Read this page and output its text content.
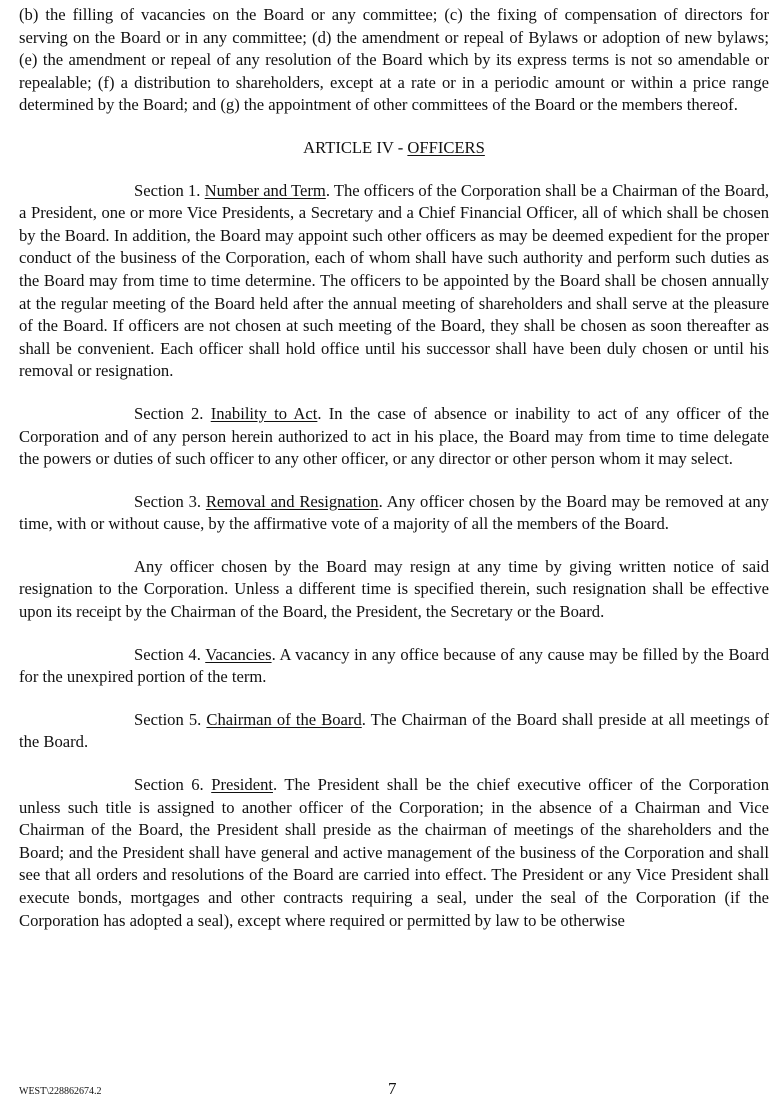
(b) the filling of vacancies on the Board or any committee; (c) the fixing of compensation of directors for serving on the Board or in any committee; (d) the amendment or repeal of Bylaws or adoption of new bylaws; (e) the amendment or repeal of any resolution of the Board which by its express terms is not so amendable or repealable; (f) a distribution to shareholders, except at a rate or in a periodic amount or within a price range determined by the Board; and (g) the appointment of other committees of the Board or the members thereof.

ARTICLE IV - OFFICERS

Section 1. Number and Term. The officers of the Corporation shall be a Chairman of the Board, a President, one or more Vice Presidents, a Secretary and a Chief Financial Officer, all of which shall be chosen by the Board. In addition, the Board may appoint such other officers as may be deemed expedient for the proper conduct of the business of the Corporation, each of whom shall have such authority and perform such duties as the Board may from time to time determine. The officers to be appointed by the Board shall be chosen annually at the regular meeting of the Board held after the annual meeting of shareholders and shall serve at the pleasure of the Board. If officers are not chosen at such meeting of the Board, they shall be chosen as soon thereafter as shall be convenient. Each officer shall hold office until his successor shall have been duly chosen or until his removal or resignation.

Section 2. Inability to Act. In the case of absence or inability to act of any officer of the Corporation and of any person herein authorized to act in his place, the Board may from time to time delegate the powers or duties of such officer to any other officer, or any director or other person whom it may select.

Section 3. Removal and Resignation. Any officer chosen by the Board may be removed at any time, with or without cause, by the affirmative vote of a majority of all the members of the Board.

Any officer chosen by the Board may resign at any time by giving written notice of said resignation to the Corporation. Unless a different time is specified therein, such resignation shall be effective upon its receipt by the Chairman of the Board, the President, the Secretary or the Board.

Section 4. Vacancies. A vacancy in any office because of any cause may be filled by the Board for the unexpired portion of the term.

Section 5. Chairman of the Board. The Chairman of the Board shall preside at all meetings of the Board.

Section 6. President. The President shall be the chief executive officer of the Corporation unless such title is assigned to another officer of the Corporation; in the absence of a Chairman and Vice Chairman of the Board, the President shall preside as the chairman of meetings of the shareholders and the Board; and the President shall have general and active management of the business of the Corporation and shall see that all orders and resolutions of the Board are carried into effect. The President or any Vice President shall execute bonds, mortgages and other contracts requiring a seal, under the seal of the Corporation (if the Corporation has adopted a seal), except where required or permitted by law to be otherwise

WEST\228862674.2	7
